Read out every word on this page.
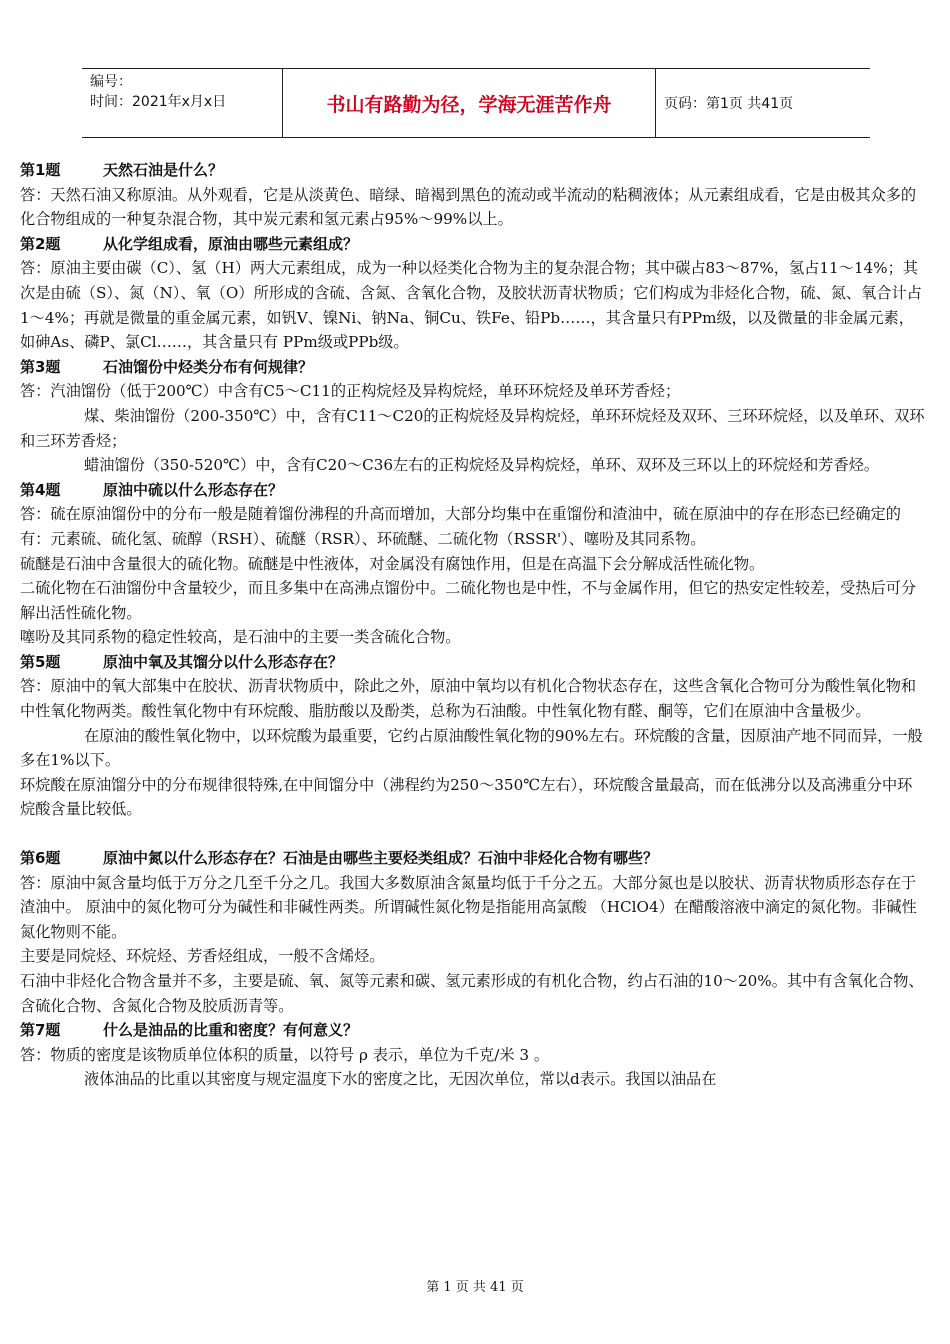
编号：
时间：2021年x月x日	书山有路勤为径，学海无涯苦作舟	页码：第1页 共41页

第1题	天然石油是什么？

答：天然石油又称原油。从外观看，它是从淡黄色、暗绿、暗褐到黑色的流动或半流动的粘稠液体；从元素组成看，它是由极其众多的化合物组成的一种复杂混合物，其中炭元素和氢元素占95%～99%以上。

第2题	从化学组成看，原油由哪些元素组成？

答：原油主要由碳（C）、氢（H）两大元素组成，成为一种以烃类化合物为主的复杂混合物；其中碳占83～87%，氢占11～14%；其次是由硫（S）、氮（N）、氧（O）所形成的含硫、含氮、含氧化合物，及胶状沥青状物质；它们构成为非烃化合物，硫、氮、氧合计占1～4%；再就是微量的重金属元素，如钒V、镍Ni、钠Na、铜Cu、铁Fe、铅Pb……，其含量只有PPm级，以及微量的非金属元素，如砷As、磷P、氯Cl……，其含量只有 PPm级或PPb级。

第3题	石油馏份中烃类分布有何规律？

答：汽油馏份（低于200℃）中含有C5～C11的正构烷烃及异构烷烃，单环环烷烃及单环芳香烃；

煤、柴油馏份（200-350℃）中，含有C11～C20的正构烷烃及异构烷烃，单环环烷烃及双环、三环环烷烃，以及单环、双环和三环芳香烃；

蜡油馏份（350-520℃）中，含有C20～C36左右的正构烷烃及异构烷烃，单环、双环及三环以上的环烷烃和芳香烃。

第4题	原油中硫以什么形态存在？

答：硫在原油馏份中的分布一般是随着馏份沸程的升高而增加，大部分均集中在重馏份和渣油中，硫在原油中的存在形态已经确定的有：元素硫、硫化氢、硫醇（RSH）、硫醚（RSR）、环硫醚、二硫化物（RSSR'）、噻吩及其同系物。

硫醚是石油中含量很大的硫化物。硫醚是中性液体，对金属没有腐蚀作用，但是在高温下会分解成活性硫化物。

二硫化物在石油馏份中含量较少，而且多集中在高沸点馏份中。二硫化物也是中性，不与金属作用，但它的热安定性较差，受热后可分解出活性硫化物。

噻吩及其同系物的稳定性较高，是石油中的主要一类含硫化合物。

第5题	原油中氧及其馏分以什么形态存在？

答：原油中的氧大部集中在胶状、沥青状物质中，除此之外，原油中氧均以有机化合物状态存在，这些含氧化合物可分为酸性氧化物和中性氧化物两类。酸性氧化物中有环烷酸、脂肪酸以及酚类，总称为石油酸。中性氧化物有醛、酮等，它们在原油中含量极少。

在原油的酸性氧化物中，以环烷酸为最重要，它约占原油酸性氧化物的90%左右。环烷酸的含量，因原油产地不同而异，一般多在1%以下。

环烷酸在原油馏分中的分布规律很特殊,在中间馏分中（沸程约为250～350℃左右），环烷酸含量最高，而在低沸分以及高沸重分中环烷酸含量比较低。

第6题	原油中氮以什么形态存在？石油是由哪些主要烃类组成？石油中非烃化合物有哪些？

答：原油中氮含量均低于万分之几至千分之几。我国大多数原油含氮量均低于千分之五。大部分氮也是以胶状、沥青状物质形态存在于渣油中。 原油中的氮化物可分为碱性和非碱性两类。所谓碱性氮化物是指能用高氯酸 （HClO4）在醋酸溶液中滴定的氮化物。非碱性氮化物则不能。

主要是同烷烃、环烷烃、芳香烃组成，一般不含烯烃。

石油中非烃化合物含量并不多，主要是硫、氧、氮等元素和碳、氢元素形成的有机化合物，约占石油的10～20%。其中有含氧化合物、含硫化合物、含氮化合物及胶质沥青等。

第7题	什么是油品的比重和密度？有何意义？

答：物质的密度是该物质单位体积的质量，以符号 ρ 表示，单位为千克/米 3 。

液体油品的比重以其密度与规定温度下水的密度之比，无因次单位，常以d表示。我国以油品在

第 1 页 共 41 页
